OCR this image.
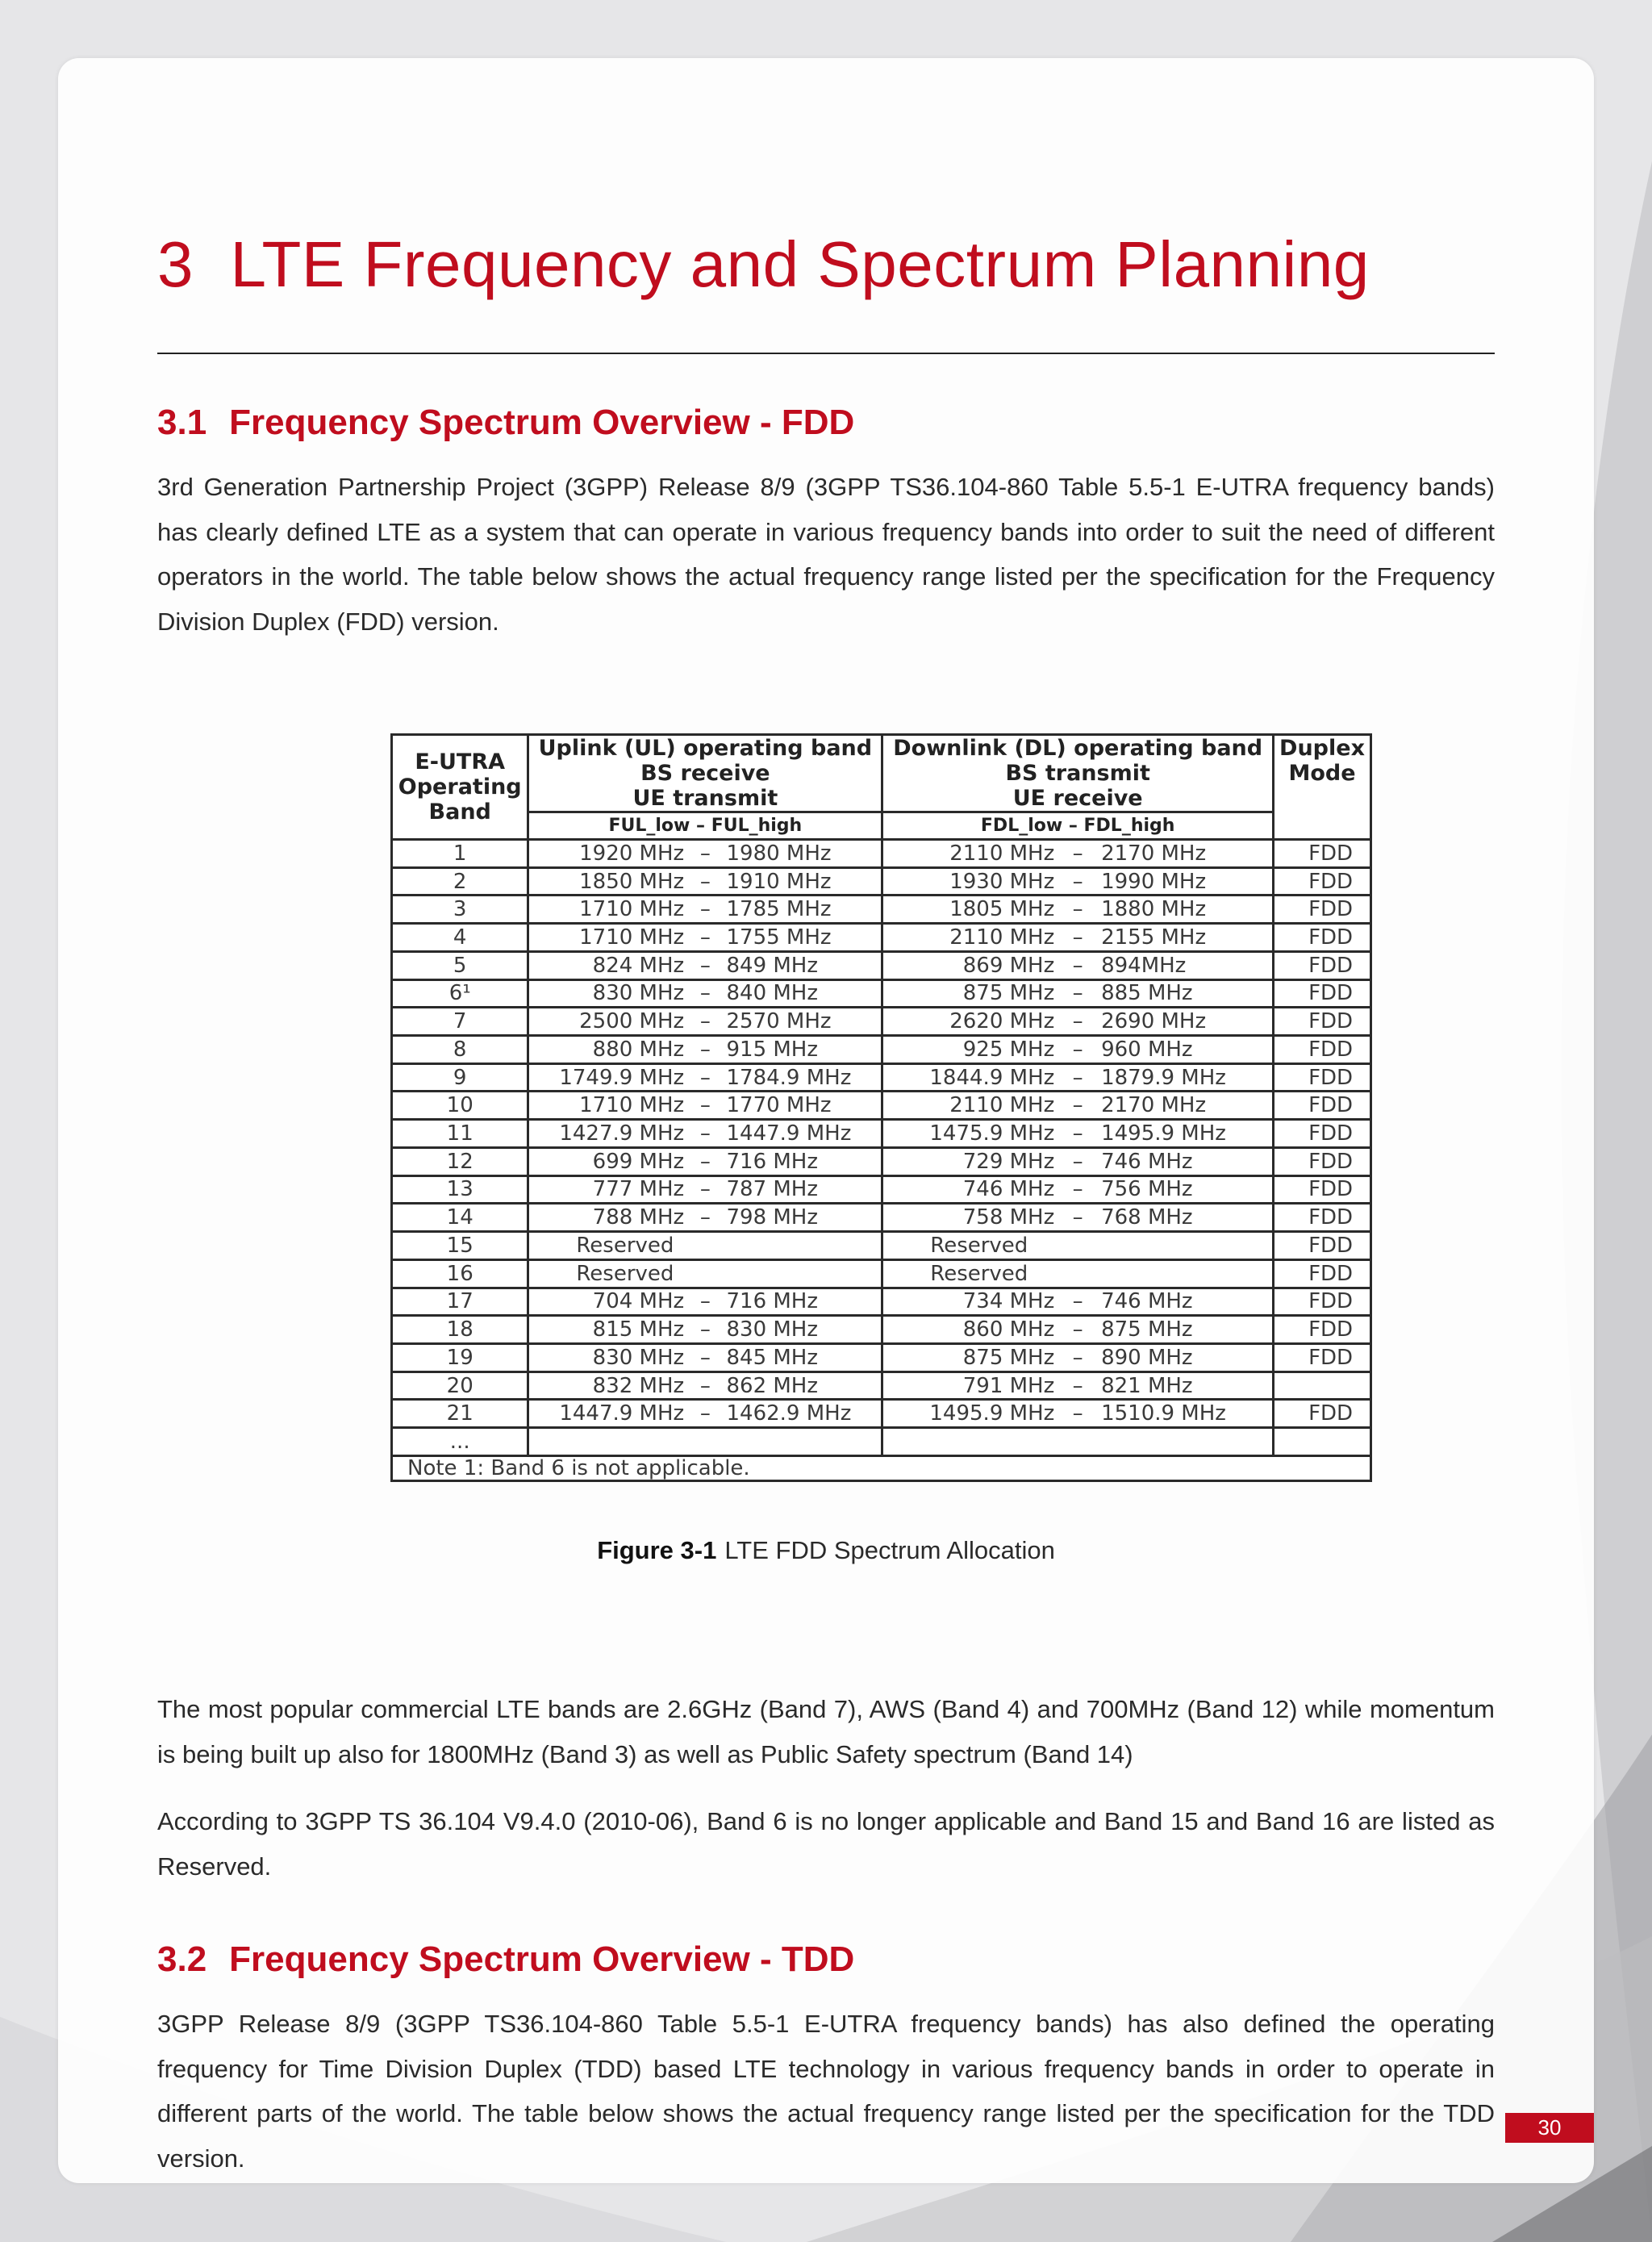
3 LTE Frequency and Spectrum Planning
3.1 Frequency Spectrum Overview - FDD

3rd Generation Partnership Project (3GPP) Release 8/9 (3GPP TS36.104-860 Table 5.5-1 E-UTRA frequency bands) has clearly defined LTE as a system that can operate in various frequency bands into order to suit the need of different operators in the world. The table below shows the actual frequency range listed per the specification for the Frequency Division Duplex (FDD) version.

E-UTRA
Operating
Band	Uplink (UL) operating band
BS receive
UE transmit	Downlink (DL) operating band
BS transmit
UE receive	Duplex
Mode
	FUL_low – FUL_high	FDL_low – FDL_high	
1	1920 MHz – 1980 MHz	2110 MHz – 2170 MHz	FDD
2	1850 MHz – 1910 MHz	1930 MHz – 1990 MHz	FDD
3	1710 MHz – 1785 MHz	1805 MHz – 1880 MHz	FDD
4	1710 MHz – 1755 MHz	2110 MHz – 2155 MHz	FDD
5	824 MHz – 849 MHz	869 MHz – 894MHz	FDD
6¹	830 MHz – 840 MHz	875 MHz – 885 MHz	FDD
7	2500 MHz – 2570 MHz	2620 MHz – 2690 MHz	FDD
8	880 MHz – 915 MHz	925 MHz – 960 MHz	FDD
9	1749.9 MHz – 1784.9 MHz	1844.9 MHz – 1879.9 MHz	FDD
10	1710 MHz – 1770 MHz	2110 MHz – 2170 MHz	FDD
11	1427.9 MHz – 1447.9 MHz	1475.9 MHz – 1495.9 MHz	FDD
12	699 MHz – 716 MHz	729 MHz – 746 MHz	FDD
13	777 MHz – 787 MHz	746 MHz – 756 MHz	FDD
14	788 MHz – 798 MHz	758 MHz – 768 MHz	FDD
15	Reserved	Reserved	FDD
16	Reserved	Reserved	FDD
17	704 MHz – 716 MHz	734 MHz – 746 MHz	FDD
18	815 MHz – 830 MHz	860 MHz – 875 MHz	FDD
19	830 MHz – 845 MHz	875 MHz – 890 MHz	FDD
20	832 MHz – 862 MHz	791 MHz – 821 MHz	

21	1447.9 MHz – 1462.9 MHz	1495.9 MHz – 1510.9 MHz	FDD
...			
Note 1: Band 6 is not applicable.			
Figure 3-1 LTE FDD Spectrum Allocation

The most popular commercial LTE bands are 2.6GHz (Band 7), AWS (Band 4) and 700MHz (Band 12) while momentum is being built up also for 1800MHz (Band 3) as well as Public Safety spectrum (Band 14)

According to 3GPP TS 36.104 V9.4.0 (2010-06), Band 6 is no longer applicable and Band 15 and Band 16 are listed as Reserved.

3.2 Frequency Spectrum Overview - TDD

3GPP Release 8/9 (3GPP TS36.104-860 Table 5.5-1 E-UTRA frequency bands) has also defined the operating frequency for Time Division Duplex (TDD) based LTE technology in various frequency bands in order to operate in different parts of the world. The table below shows the actual frequency range listed per the specification for the TDD version.

30
